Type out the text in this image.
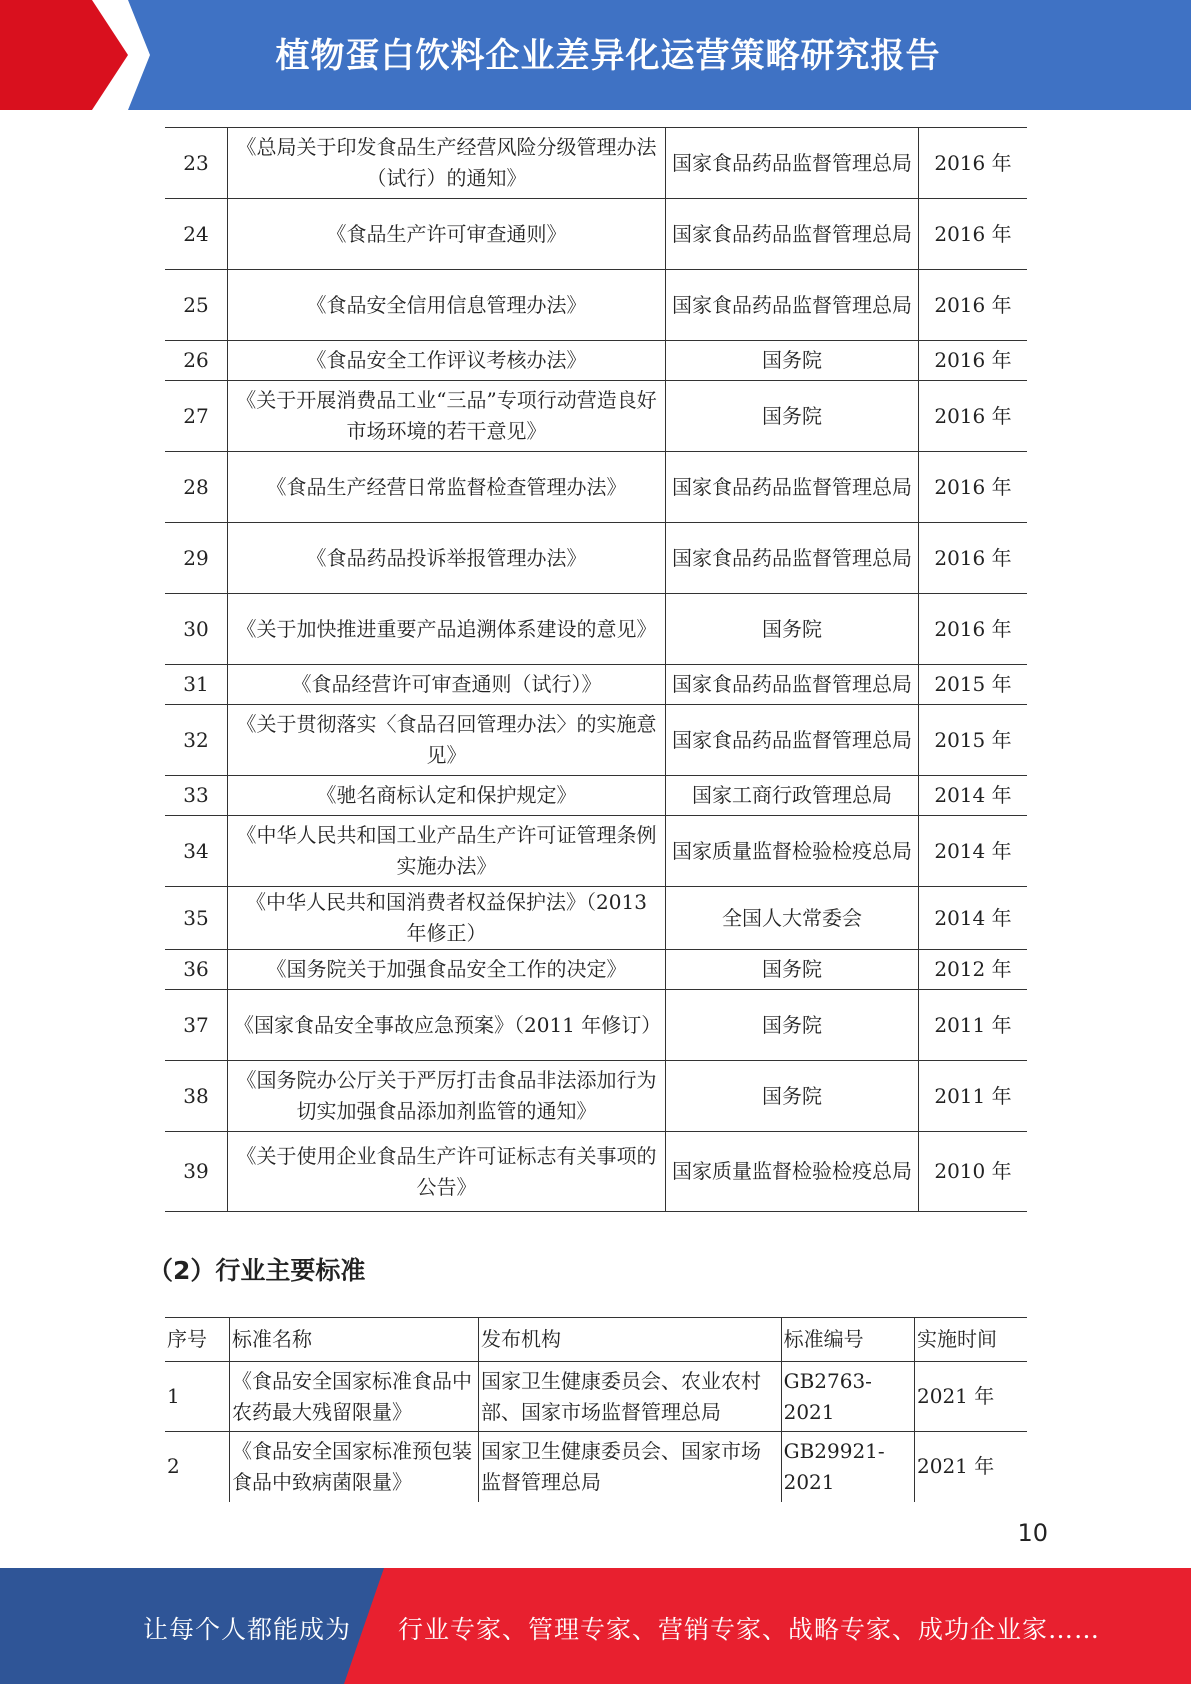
植物蛋白饮料企业差异化运营策略研究报告
23	《总局关于印发食品生产经营风险分级管理办法（试行）的通知》	国家食品药品监督管理总局	2016 年
24	《食品生产许可审查通则》	国家食品药品监督管理总局	2016 年
25	《食品安全信用信息管理办法》	国家食品药品监督管理总局	2016 年
26	《食品安全工作评议考核办法》	国务院	2016 年
27	《关于开展消费品工业“三品”专项行动营造良好市场环境的若干意见》	国务院	2016 年
28	《食品生产经营日常监督检查管理办法》	国家食品药品监督管理总局	2016 年
29	《食品药品投诉举报管理办法》	国家食品药品监督管理总局	2016 年
30	《关于加快推进重要产品追溯体系建设的意见》	国务院	2016 年
31	《食品经营许可审查通则（试行）》	国家食品药品监督管理总局	2015 年
32	《关于贯彻落实〈食品召回管理办法〉的实施意见》	国家食品药品监督管理总局	2015 年
33	《驰名商标认定和保护规定》	国家工商行政管理总局	2014 年
34	《中华人民共和国工业产品生产许可证管理条例实施办法》	国家质量监督检验检疫总局	2014 年
35	《中华人民共和国消费者权益保护法》（2013 年修正）	全国人大常委会	2014 年
36	《国务院关于加强食品安全工作的决定》	国务院	2012 年
37	《国家食品安全事故应急预案》（2011 年修订）	国务院	2011 年
38	《国务院办公厅关于严厉打击食品非法添加行为切实加强食品添加剂监管的通知》	国务院	2011 年
39	《关于使用企业食品生产许可证标志有关事项的公告》	国家质量监督检验检疫总局	2010 年
（2）行业主要标准
序号	标准名称	发布机构	标准编号	实施时间
1	《食品安全国家标准食品中农药最大残留限量》	国家卫生健康委员会、农业农村部、国家市场监督管理总局	GB2763-2021	2021 年
2	《食品安全国家标准预包装食品中致病菌限量》	国家卫生健康委员会、国家市场监督管理总局	GB29921-2021	2021 年
10
让每个人都能成为 行业专家、管理专家、营销专家、战略专家、成功企业家……
